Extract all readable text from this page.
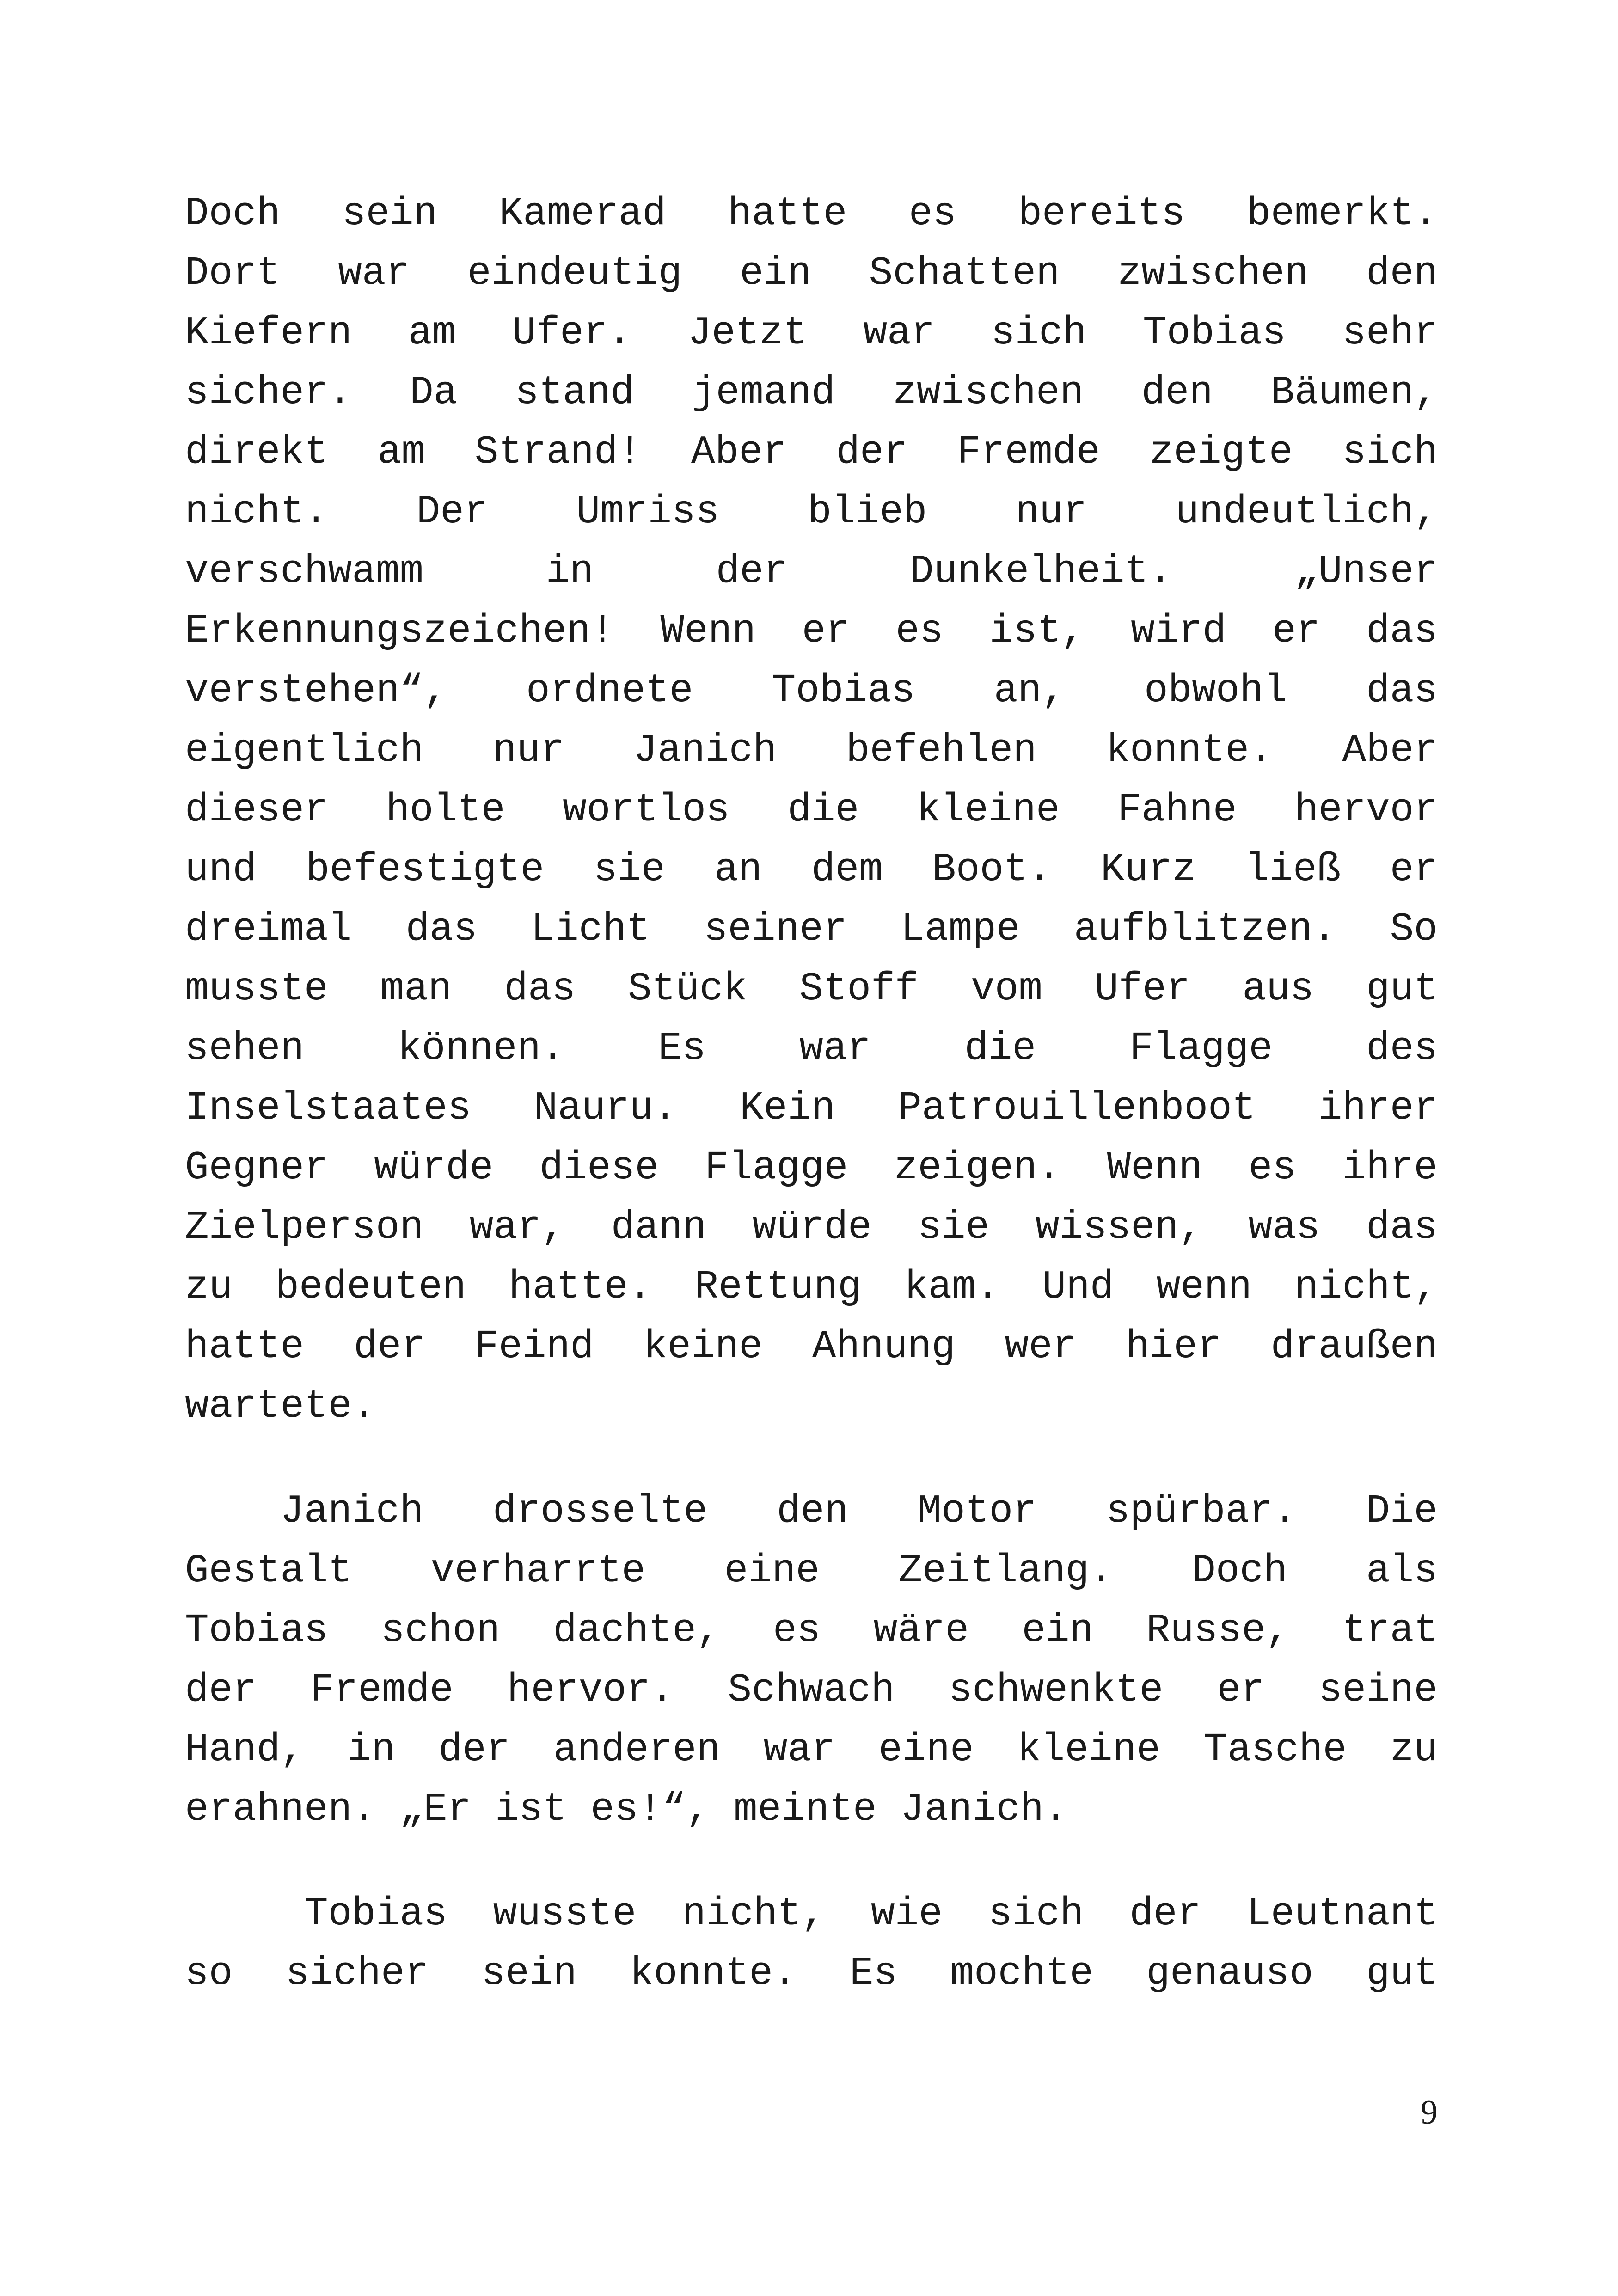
Doch sein Kamerad hatte es bereits bemerkt.
Dort war eindeutig ein Schatten zwischen den
Kiefern am Ufer. Jetzt war sich Tobias sehr
sicher. Da stand jemand zwischen den Bäumen,
direkt am Strand! Aber der Fremde zeigte sich
nicht. Der Umriss blieb nur undeutlich,
verschwamm	in	der	Dunkelheit.	„Unser
Erkennungszeichen! Wenn er es ist, wird er das
verstehen“, ordnete Tobias an, obwohl das
eigentlich nur Janich befehlen konnte. Aber
dieser holte wortlos die kleine Fahne hervor
und befestigte sie an dem Boot. Kurz ließ er
dreimal das Licht seiner Lampe aufblitzen. So
musste man das Stück Stoff vom Ufer aus gut
sehen können. Es war die Flagge des
Inselstaates Nauru. Kein Patrouillenboot ihrer
Gegner würde diese Flagge zeigen. Wenn es ihre
Zielperson war, dann würde sie wissen, was das
zu bedeuten hatte. Rettung kam. Und wenn nicht,
hatte der Feind keine Ahnung wer hier draußen
wartete.
Janich drosselte den Motor spürbar. Die
Gestalt verharrte eine Zeitlang. Doch als
Tobias schon dachte, es wäre ein Russe, trat
der Fremde hervor. Schwach schwenkte er seine
Hand, in der anderen war eine kleine Tasche zu
erahnen. „Er ist es!“, meinte Janich.
Tobias wusste nicht, wie sich der Leutnant
so sicher sein konnte. Es mochte genauso gut
9
